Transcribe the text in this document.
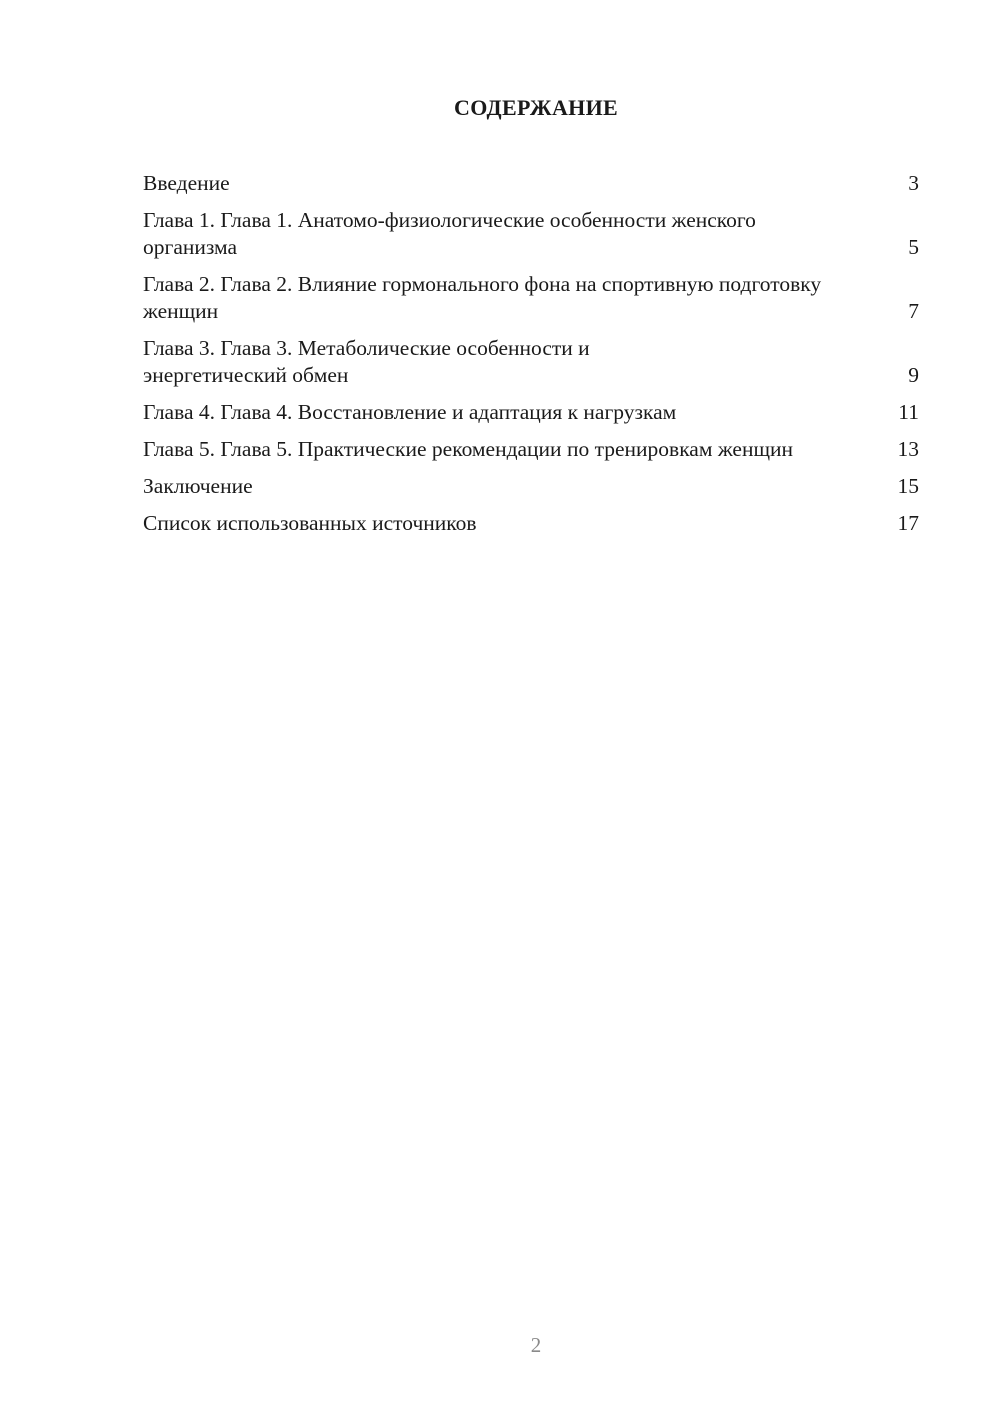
СОДЕРЖАНИЕ
Введение	3
Глава 1. Глава 1. Анатомо-физиологические особенности женского организма	5
Глава 2. Глава 2. Влияние гормонального фона на спортивную подготовку женщин	7
Глава 3. Глава 3. Метаболические особенности и энергетический обмен	9
Глава 4. Глава 4. Восстановление и адаптация к нагрузкам	11
Глава 5. Глава 5. Практические рекомендации по тренировкам женщин	13
Заключение	15
Список использованных источников	17
2
